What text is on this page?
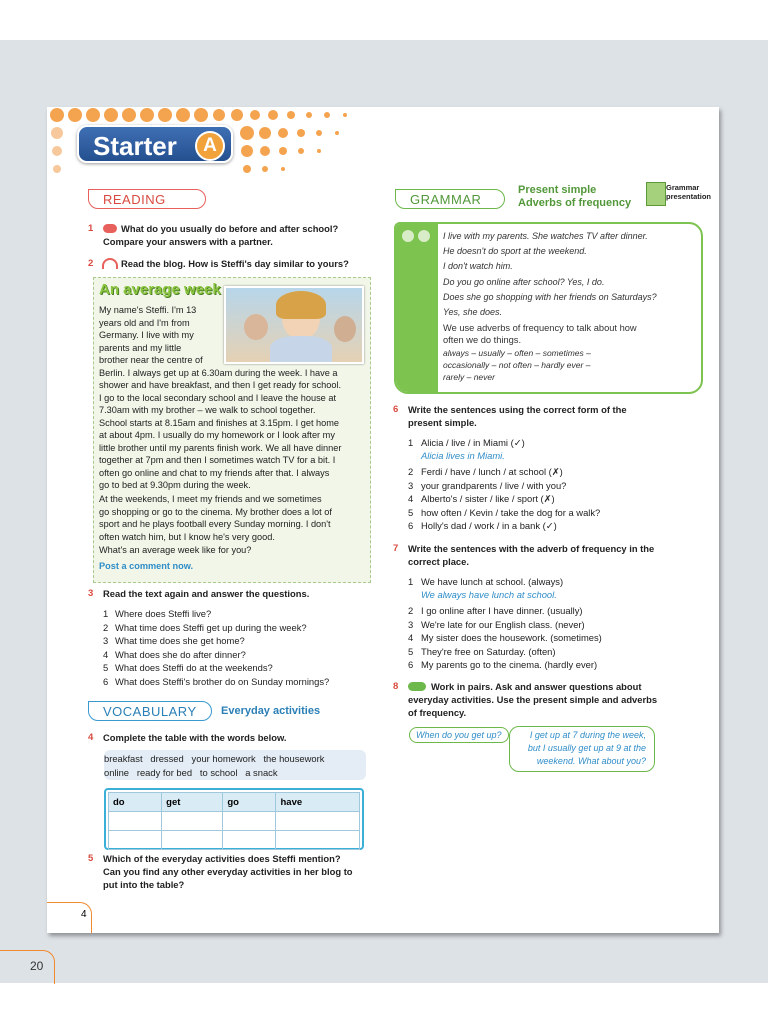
Starter	A
READING
1	What do you usually do before and after school?
Compare your answers with a partner.
2	Read the blog. How is Steffi's day similar to yours?
An average week
My name's Steffi. I'm 13
years old and I'm from
Germany. I live with my
parents and my little
brother near the centre of
Berlin. I always get up at 6.30am during the week. I have a
shower and have breakfast, and then I get ready for school.
I go to the local secondary school and I leave the house at
7.30am with my brother – we walk to school together.
School starts at 8.15am and finishes at 3.15pm. I get home
at about 4pm. I usually do my homework or I look after my
little brother until my parents finish work. We all have dinner
together at 7pm and then I sometimes watch TV for a bit. I
often go online and chat to my friends after that. I always
go to bed at 9.30pm during the week.
At the weekends, I meet my friends and we sometimes
go shopping or go to the cinema. My brother does a lot of
sport and he plays football every Sunday morning. I don't
often watch him, but I know he's very good.
What's an average week like for you?
Post a comment now.
3 Read the text again and answer the questions.
1 Where does Steffi live?
2 What time does Steffi get up during the week?
3 What time does she get home?
4 What does she do after dinner?
5 What does Steffi do at the weekends?
6 What does Steffi's brother do on Sunday mornings?
VOCABULARY	Everyday activities
4 Complete the table with the words below.
breakfast   dressed   your homework   the housework
online   ready for bed   to school   a snack
do	get	go	have

5 Which of the everyday activities does Steffi mention?
Can you find any other everyday activities in her blog to
put into the table?
GRAMMAR
Present simple
Adverbs of frequency
Grammar
presentation
I live with my parents. She watches TV after dinner.
He doesn't do sport at the weekend.
I don't watch him.
Do you go online after school? Yes, I do.
Does she go shopping with her friends on Saturdays?
Yes, she does.
We use adverbs of frequency to talk about how
often we do things.
always – usually – often – sometimes –
occasionally – not often – hardly ever –
rarely – never
6 Write the sentences using the correct form of the
present simple.
1 Alicia / live / in Miami (✓)
Alicia lives in Miami.
2 Ferdi / have / lunch / at school (✗)
3 your grandparents / live / with you?
4 Alberto's / sister / like / sport (✗)
5 how often / Kevin / take the dog for a walk?
6 Holly's dad / work / in a bank (✓)
7 Write the sentences with the adverb of frequency in the
correct place.
1 We have lunch at school. (always)
We always have lunch at school.
2 I go online after I have dinner. (usually)
3 We're late for our English class. (never)
4 My sister does the housework. (sometimes)
5 They're free on Saturday. (often)
6 My parents go to the cinema. (hardly ever)
8	Work in pairs. Ask and answer questions about
everyday activities. Use the present simple and adverbs
of frequency.
When do you get up?	I get up at 7 during the week,
but I usually get up at 9 at the
weekend. What about you?
4
20
